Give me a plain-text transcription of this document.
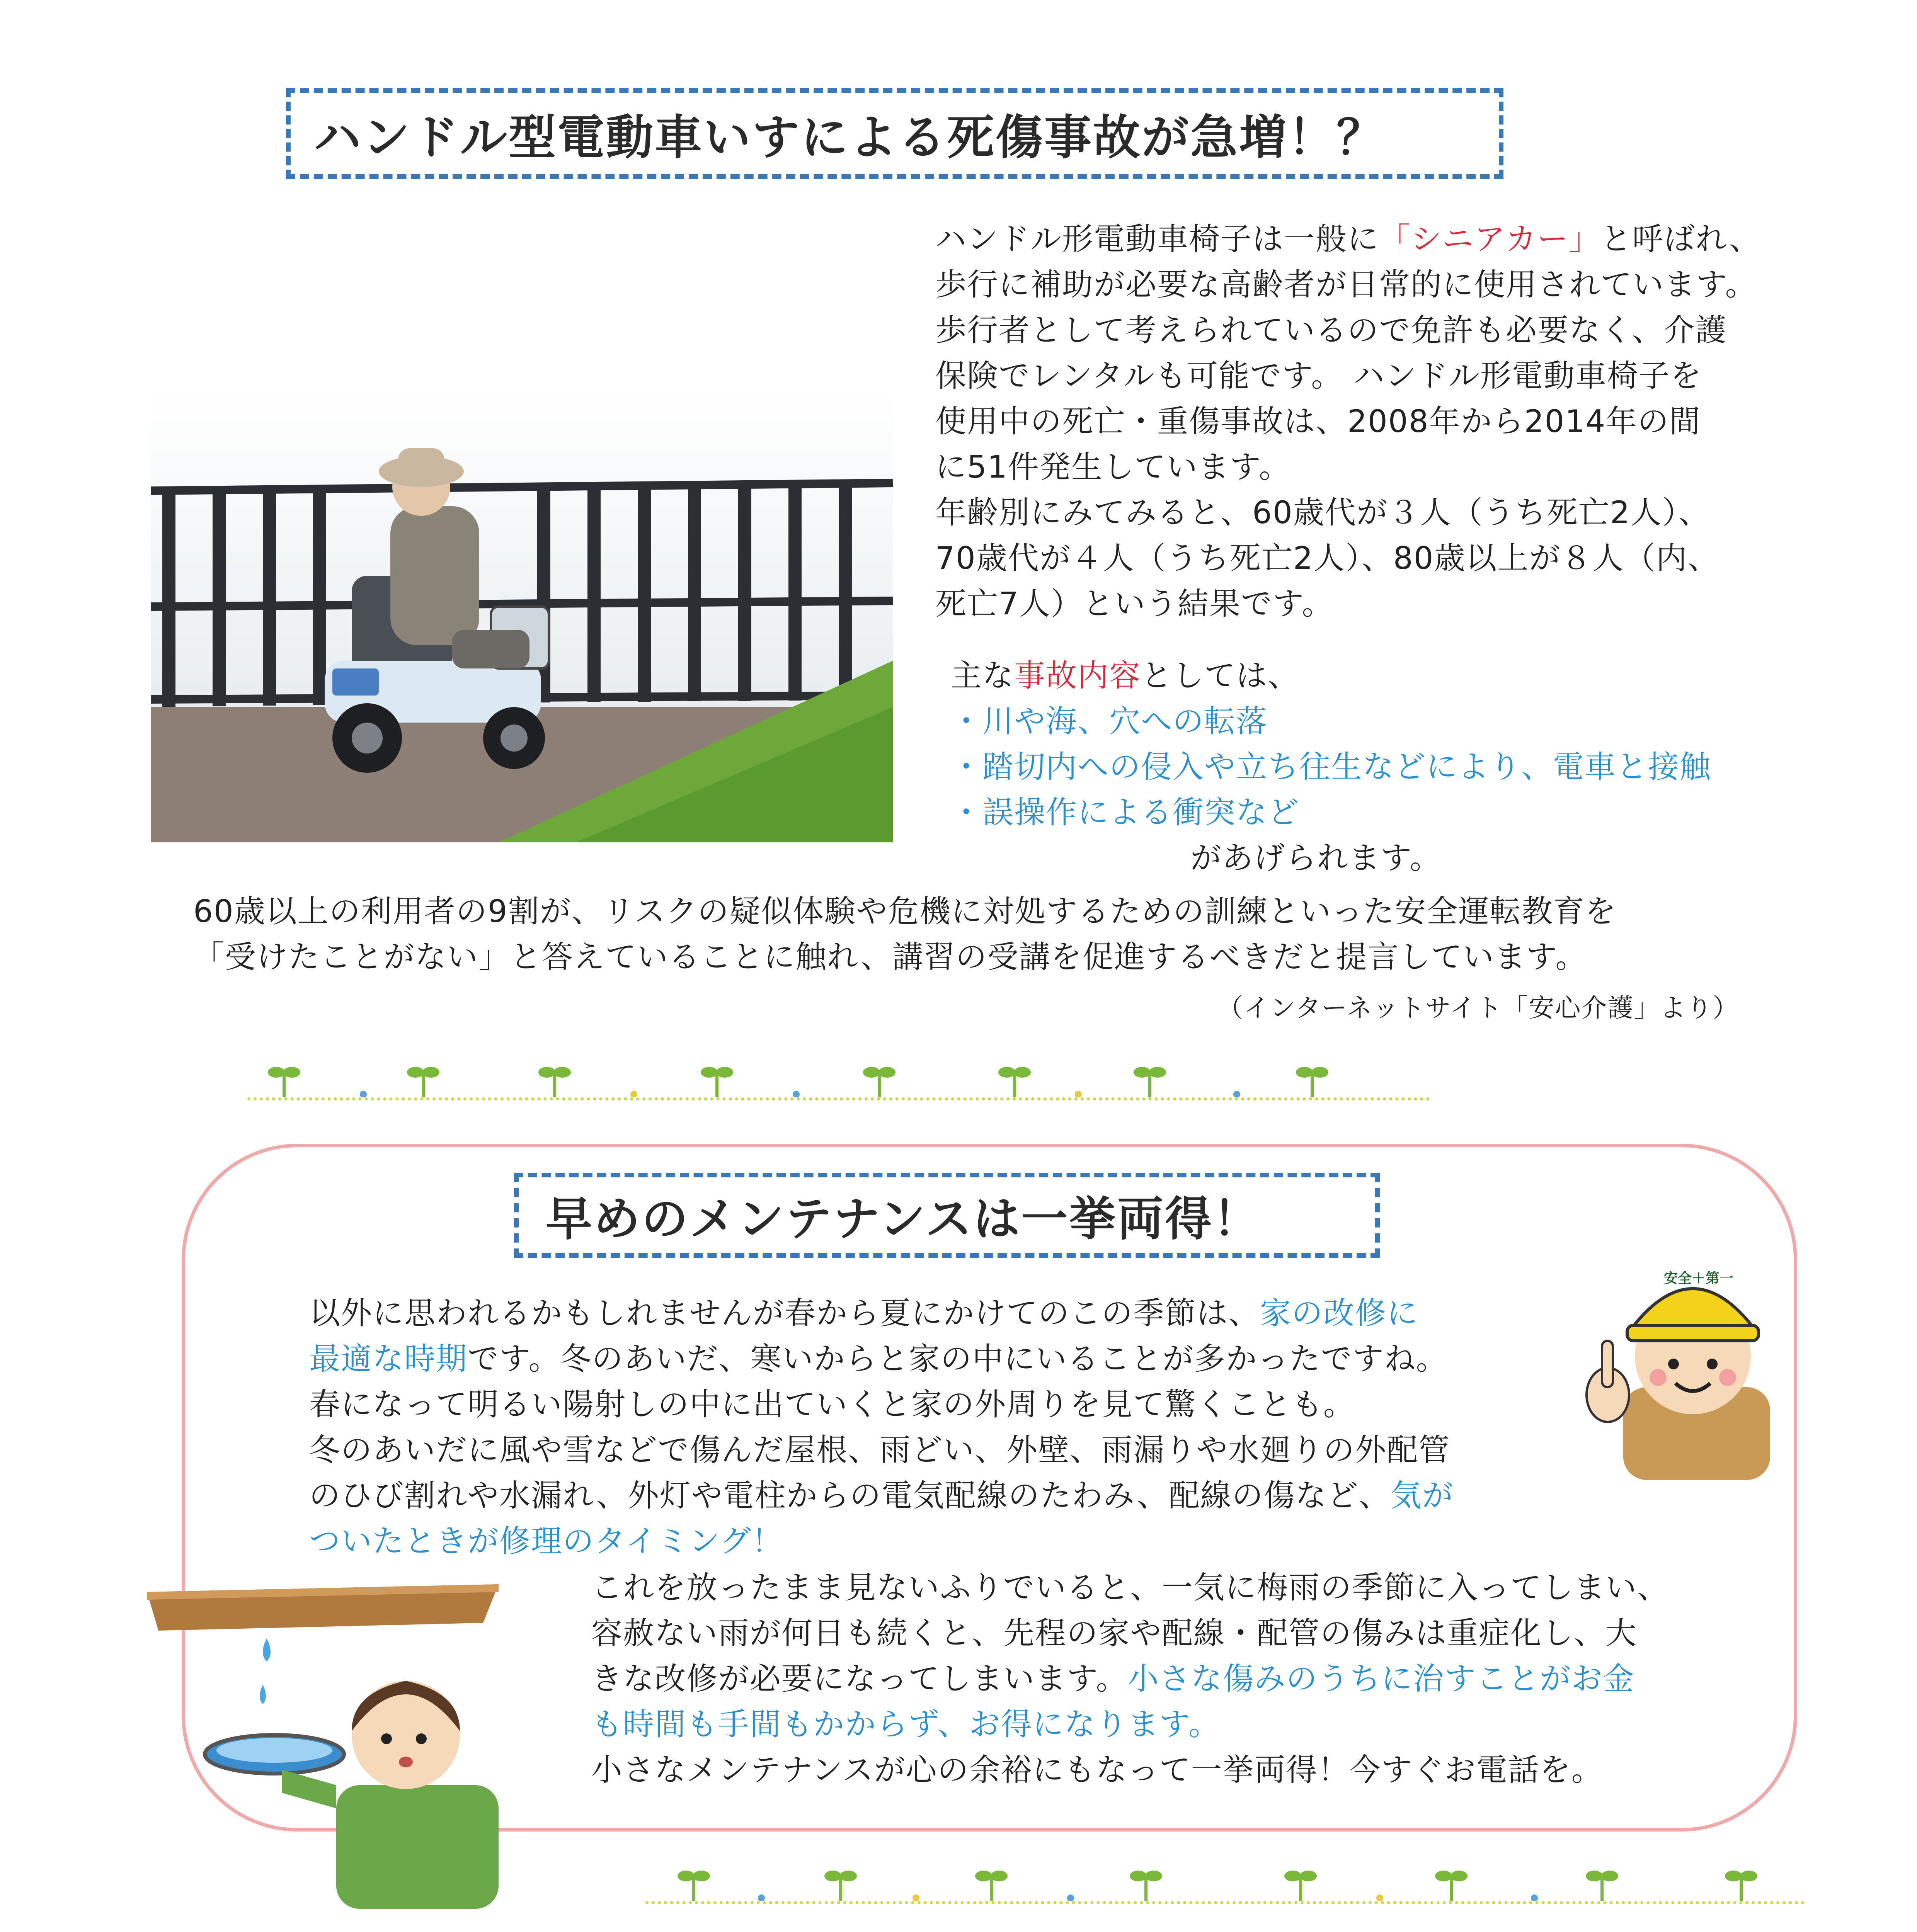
ハンドル型電動車いすによる死傷事故が急増！？
ハンドル形電動車椅子は一般に「シニアカー」と呼ばれ、
歩行に補助が必要な高齢者が日常的に使用されています。
歩行者として考えられているので免許も必要なく、介護
保険でレンタルも可能です。 ハンドル形電動車椅子を
使用中の死亡・重傷事故は、2008年から2014年の間
に51件発生しています。
年齢別にみてみると、60歳代が３人（うち死亡2人）、
70歳代が４人（うち死亡2人）、80歳以上が８人（内、
死亡7人）という結果です。
主な事故内容としては、
・川や海、穴への転落
・踏切内への侵入や立ち往生などにより、電車と接触
・誤操作による衝突など
があげられます。
60歳以上の利用者の9割が、リスクの疑似体験や危機に対処するための訓練といった安全運転教育を
「受けたことがない」と答えていることに触れ、講習の受講を促進するべきだと提言しています。
（インターネットサイト「安心介護」より）
早めのメンテナンスは一挙両得！
安全＋第一
以外に思われるかもしれませんが春から夏にかけてのこの季節は、家の改修に
最適な時期です。冬のあいだ、寒いからと家の中にいることが多かったですね。
春になって明るい陽射しの中に出ていくと家の外周りを見て驚くことも。
冬のあいだに風や雪などで傷んだ屋根、雨どい、外壁、雨漏りや水廻りの外配管
のひび割れや水漏れ、外灯や電柱からの電気配線のたわみ、配線の傷など、気が
ついたときが修理のタイミング！
これを放ったまま見ないふりでいると、一気に梅雨の季節に入ってしまい、
容赦ない雨が何日も続くと、先程の家や配線・配管の傷みは重症化し、大
きな改修が必要になってしまいます。小さな傷みのうちに治すことがお金
も時間も手間もかからず、お得になります。
小さなメンテナンスが心の余裕にもなって一挙両得！今すぐお電話を。
